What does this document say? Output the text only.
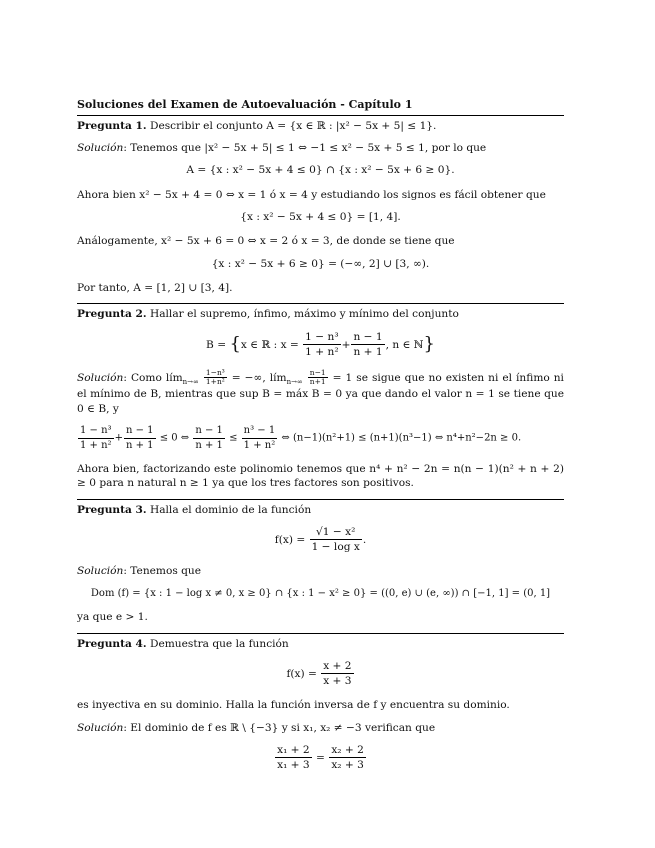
Soluciones del Examen de Autoevaluación - Capítulo 1

Pregunta 1. Describir el conjunto A = {x ∈ ℝ : |x² − 5x + 5| ≤ 1}.

Solución: Tenemos que |x² − 5x + 5| ≤ 1 ⇔ −1 ≤ x² − 5x + 5 ≤ 1, por lo que

A = {x : x² − 5x + 4 ≤ 0} ∩ {x : x² − 5x + 6 ≥ 0}.

Ahora bien x² − 5x + 4 = 0 ⇔ x = 1 ó x = 4 y estudiando los signos es fácil obtener que

{x : x² − 5x + 4 ≤ 0} = [1, 4].

Análogamente, x² − 5x + 6 = 0 ⇔ x = 2 ó x = 3, de donde se tiene que

{x : x² − 5x + 6 ≥ 0} = (−∞, 2] ∪ [3, ∞).

Por tanto, A = [1, 2] ∪ [3, 4].

Pregunta 2. Hallar el supremo, ínfimo, máximo y mínimo del conjunto

B = {x ∈ ℝ : $x = \frac{\text{1 − n³}}{\text{1 + n²}} + \frac{n - 1}{n + 1}$ , n ∈ ℕ}

Solución: Como lím$_{n\to\infty}$ $\frac{\text{1−n³}}{\text{1+n²}}$ = −∞, lím$_{n\to\infty}$ $\frac{n-1}{n+1} = 1$ se sigue que no existen ni el ínfimo ni el mínimo de B, mientras que sup B = máx B = 0 ya que dando el valor n = 1 se tiene que 0 ∈ B, y

$\frac{\text{1 − n³}}{\text{1 + n²}} + \frac{n - 1}{n + 1} \le 0$ ⇔ $\frac{n - 1}{n + 1} \le \frac{\text{n³ − 1}}{\text{1 + n²}}$ ⇔ (n−1)(n²+1) ≤ (n+1)(n³−1) ⇔ n⁴+n²−2n ≥ 0.

Ahora bien, factorizando este polinomio tenemos que n⁴ + n² − 2n = n(n − 1)(n² + n + 2) ≥ 0 para n natural n ≥ 1 ya que los tres factores son positivos.

Pregunta 3. Halla el dominio de la función

$f(x) = \frac{\text{√1 − x²}}{\text{1 − log x}}$ .

Solución: Tenemos que

Dom (f) = {x : 1 − log x ≠ 0, x ≥ 0} ∩ {x : 1 − x² ≥ 0} = ((0, e) ∪ (e, ∞)) ∩ [−1, 1] = (0, 1]

ya que e > 1.

Pregunta 4. Demuestra que la función

$f(x) = \frac{x + 2}{x + 3}$

es inyectiva en su dominio. Halla la función inversa de f y encuentra su dominio.

Solución: El dominio de f es ℝ \ {−3} y si x₁, x₂ ≠ −3 verifican que

$\frac{\text{x₁ + 2}}{\text{x₁ + 3}} = \frac{\text{x₂ + 2}}{\text{x₂ + 3}}$
